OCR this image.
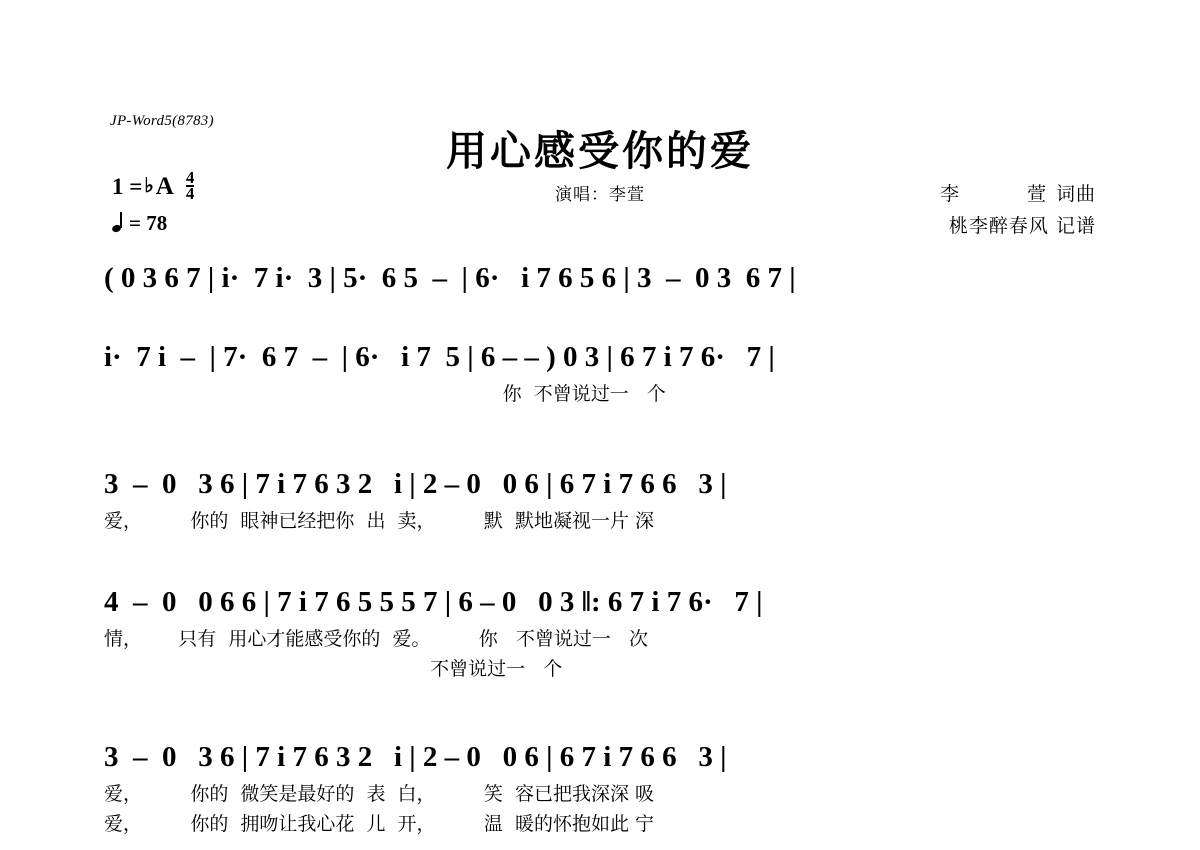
JP-Word5(8783)
用心感受你的爱
演唱：李萱	李　　萱词曲
桃李醉春风 记谱
1 = ♭ A $\frac{4}{4}$
= 78
( 0 3 6 7 | i·  7 i·  3 | 5·  6 5  –  | 6·   i 7 6 5 6 | 3  –  0 3  6 7 |
i·  7 i  –  | 7·  6 7  –  | 6·   i 7  5 | 6 – – ) 0 3 | 6 7 i 7 6·   7 |
你  不曾说过一   个
3  –  0   3 6 | 7 i 7 6 3 2   i | 2 – 0   0 6 | 6 7 i 7 6 6   3 |
爱，        你的  眼神已经把你  出  卖，        默  默地凝视一片 深
4  –  0   0 6 6 | 7 i 7 6 5 5 5 7 | 6 – 0   0 3 ‖: 6 7 i 7 6·   7 |
情，      只有  用心才能感受你的  爱。        你   不曾说过一   次
不曾说过一   个
3  –  0   3 6 | 7 i 7 6 3 2   i | 2 – 0   0 6 | 6 7 i 7 6 6   3 |
爱，        你的  微笑是最好的  表  白，        笑  容已把我深深 吸
爱，        你的  拥吻让我心花  儿  开，        温  暖的怀抱如此 宁
